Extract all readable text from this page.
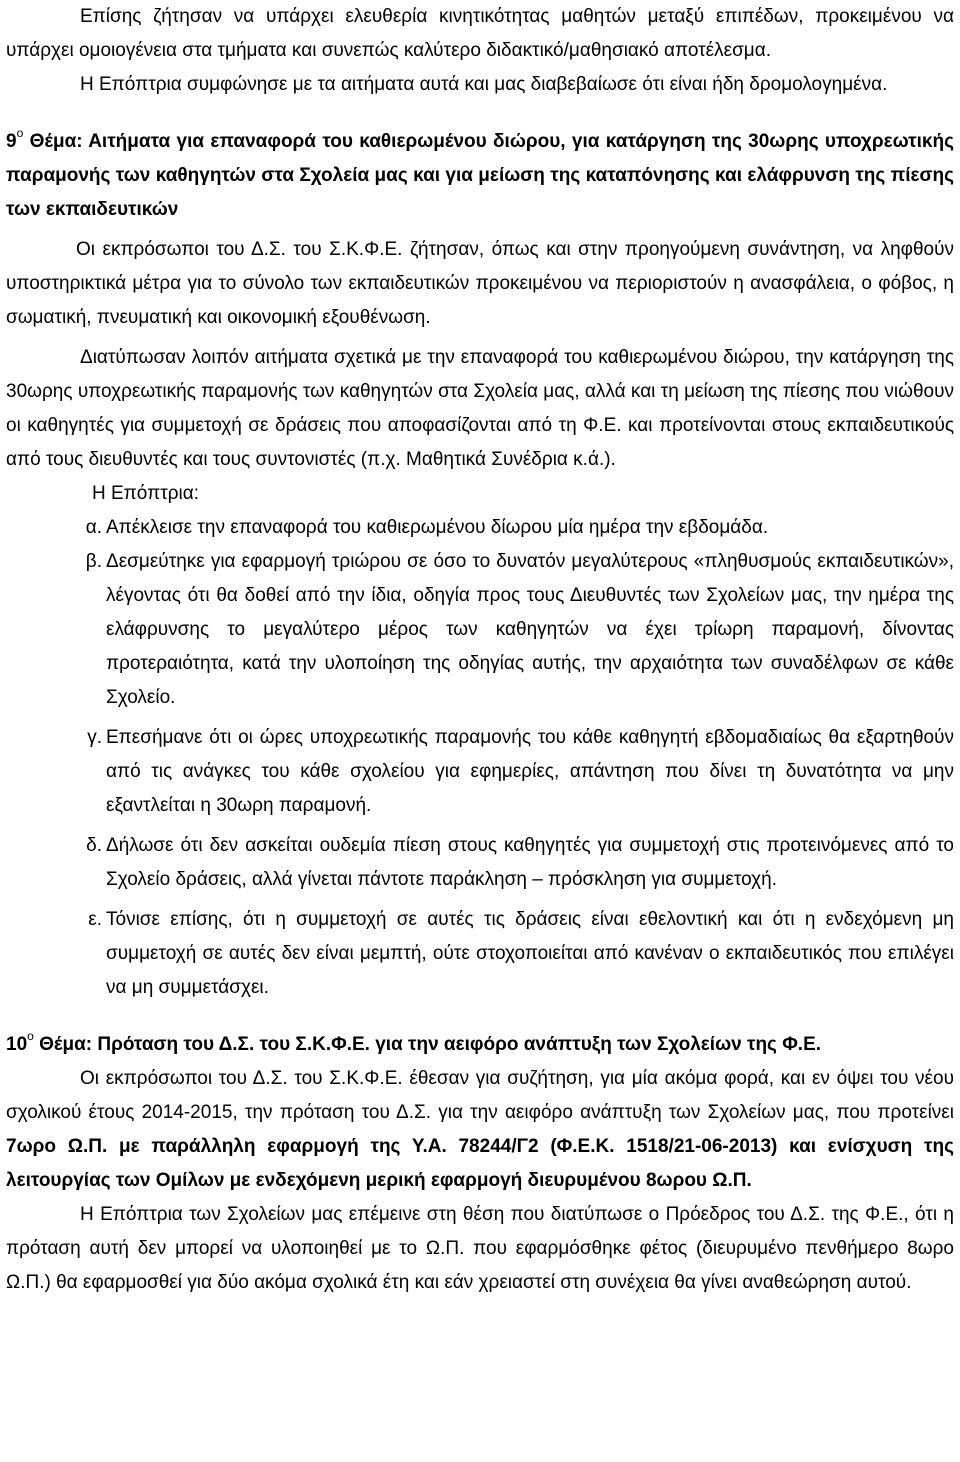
Επίσης ζήτησαν να υπάρχει ελευθερία κινητικότητας μαθητών μεταξύ επιπέδων, προκειμένου να υπάρχει ομοιογένεια στα τμήματα και συνεπώς καλύτερο διδακτικό/μαθησιακό αποτέλεσμα.

Η Επόπτρια συμφώνησε με τα αιτήματα αυτά και μας διαβεβαίωσε ότι είναι ήδη δρομολογημένα.

$9^o$ Θέμα: Αιτήματα για επαναφορά του καθιερωμένου διώρου, για κατάργηση της 30ωρης υποχρεωτικής παραμονής των καθηγητών στα Σχολεία μας και για μείωση της καταπόνησης και ελάφρυνση της πίεσης των εκπαιδευτικών

Οι εκπρόσωποι του Δ.Σ. του Σ.Κ.Φ.Ε. ζήτησαν, όπως και στην προηγούμενη συνάντηση, να ληφθούν υποστηρικτικά μέτρα για το σύνολο των εκπαιδευτικών προκειμένου να περιοριστούν η ανασφάλεια, ο φόβος, η σωματική, πνευματική και οικονομική εξουθένωση.

Διατύπωσαν λοιπόν αιτήματα σχετικά με την επαναφορά του καθιερωμένου διώρου, την κατάργηση της 30ωρης υποχρεωτικής παραμονής των καθηγητών στα Σχολεία μας, αλλά και τη μείωση της πίεσης που νιώθουν οι καθηγητές για συμμετοχή σε δράσεις που αποφασίζονται από τη Φ.Ε. και προτείνονται στους εκπαιδευτικούς από τους διευθυντές και τους συντονιστές (π.χ. Μαθητικά Συνέδρια κ.ά.).

Η Επόπτρια:

α. Απέκλεισε την επαναφορά του καθιερωμένου δίωρου μία ημέρα την εβδομάδα.
β. Δεσμεύτηκε για εφαρμογή τριώρου σε όσο το δυνατόν μεγαλύτερους «πληθυσμούς εκπαιδευτικών», λέγοντας ότι θα δοθεί από την ίδια, οδηγία προς τους Διευθυντές των Σχολείων μας, την ημέρα της ελάφρυνσης το μεγαλύτερο μέρος των καθηγητών να έχει τρίωρη παραμονή, δίνοντας προτεραιότητα, κατά την υλοποίηση της οδηγίας αυτής, την αρχαιότητα των συναδέλφων σε κάθε Σχολείο.
γ. Επεσήμανε ότι οι ώρες υποχρεωτικής παραμονής του κάθε καθηγητή εβδομαδιαίως θα εξαρτηθούν από τις ανάγκες του κάθε σχολείου για εφημερίες, απάντηση που δίνει τη δυνατότητα να μην εξαντλείται η 30ωρη παραμονή.
δ. Δήλωσε ότι δεν ασκείται ουδεμία πίεση στους καθηγητές για συμμετοχή στις προτεινόμενες από το Σχολείο δράσεις, αλλά γίνεται πάντοτε παράκληση – πρόσκληση για συμμετοχή.
ε. Τόνισε επίσης, ότι η συμμετοχή σε αυτές τις δράσεις είναι εθελοντική και ότι η ενδεχόμενη μη συμμετοχή σε αυτές δεν είναι μεμπτή, ούτε στοχοποιείται από κανέναν ο εκπαιδευτικός που επιλέγει να μη συμμετάσχει.

$10^o$ Θέμα: Πρόταση του Δ.Σ. του Σ.Κ.Φ.Ε. για την αειφόρο ανάπτυξη των Σχολείων της Φ.Ε.

Οι εκπρόσωποι του Δ.Σ. του Σ.Κ.Φ.Ε. έθεσαν για συζήτηση, για μία ακόμα φορά, και εν όψει του νέου σχολικού έτους 2014-2015, την πρόταση του Δ.Σ. για την αειφόρο ανάπτυξη των Σχολείων μας, που προτείνει 7ωρο Ω.Π. με παράλληλη εφαρμογή της Υ.Α. 78244/Γ2 (Φ.Ε.Κ. 1518/21-06-2013) και ενίσχυση της λειτουργίας των Ομίλων με ενδεχόμενη μερική εφαρμογή διευρυμένου 8ωρου Ω.Π.

Η Επόπτρια των Σχολείων μας επέμεινε στη θέση που διατύπωσε ο Πρόεδρος του Δ.Σ. της Φ.Ε., ότι η πρόταση αυτή δεν μπορεί να υλοποιηθεί με το Ω.Π. που εφαρμόσθηκε φέτος (διευρυμένο πενθήμερο 8ωρο Ω.Π.) θα εφαρμοσθεί για δύο ακόμα σχολικά έτη και εάν χρειαστεί στη συνέχεια θα γίνει αναθεώρηση αυτού.
